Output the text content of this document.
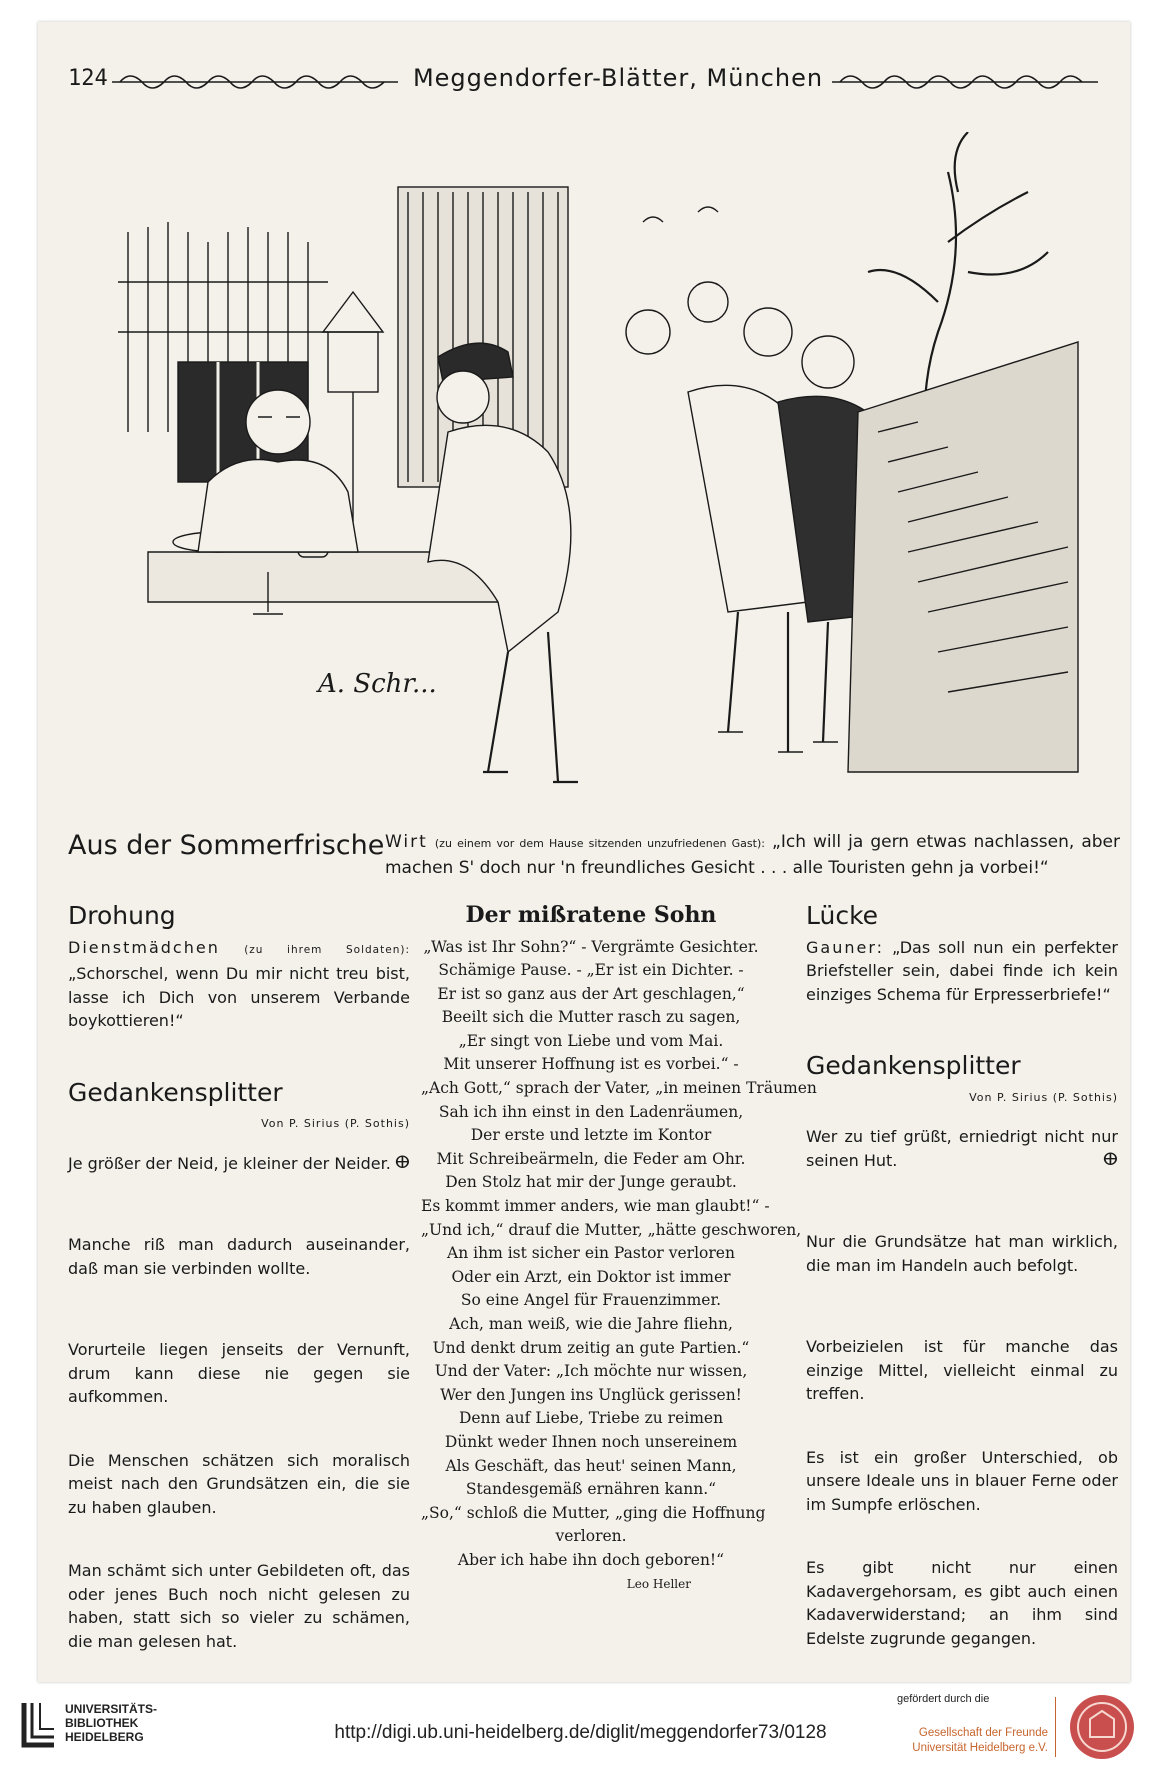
124	Meggendorfer-Blätter, München
A. Schr...
Aus der Sommerfrische Wirt (zu einem vor dem Hause sitzenden unzufriedenen Gast): „Ich will ja gern etwas nachlassen, aber machen S' doch nur 'n freundliches Gesicht . . . alle Touristen gehn ja vorbei!“
Drohung

Dienstmädchen (zu ihrem Soldaten): „Schorschel, wenn Du mir nicht treu bist, lasse ich Dich von unserem Verbande boykottieren!“

Gedankensplitter
Von P. Sirius (P. Sothis)

Je größer der Neid, je kleiner der Neider. ⴲ

Manche riß man dadurch auseinander, daß man sie verbinden wollte.

Vorurteile liegen jenseits der Vernunft, drum kann diese nie gegen sie aufkommen.

Die Menschen schätzen sich moralisch meist nach den Grundsätzen ein, die sie zu haben glauben.

Man schämt sich unter Gebildeten oft, das oder jenes Buch noch nicht gelesen zu haben, statt sich so vieler zu schämen, die man gelesen hat.

Der mißratene Sohn
„Was ist Ihr Sohn?“ - Vergrämte Gesichter.
Schämige Pause. - „Er ist ein Dichter. -
Er ist so ganz aus der Art geschlagen,“
Beeilt sich die Mutter rasch zu sagen,
„Er singt von Liebe und vom Mai.
Mit unserer Hoffnung ist es vorbei.“ -
„Ach Gott,“ sprach der Vater, „in meinen Träumen
Sah ich ihn einst in den Ladenräumen,
Der erste und letzte im Kontor
Mit Schreibeärmeln, die Feder am Ohr.
Den Stolz hat mir der Junge geraubt.
Es kommt immer anders, wie man glaubt!“ -
„Und ich,“ drauf die Mutter, „hätte geschworen,
An ihm ist sicher ein Pastor verloren
Oder ein Arzt, ein Doktor ist immer
So eine Angel für Frauenzimmer.
Ach, man weiß, wie die Jahre fliehn,
Und denkt drum zeitig an gute Partien.“
Und der Vater: „Ich möchte nur wissen,
Wer den Jungen ins Unglück gerissen!
Denn auf Liebe, Triebe zu reimen
Dünkt weder Ihnen noch unsereinem
Als Geschäft, das heut' seinen Mann,
Standesgemäß ernähren kann.“
„So,“ schloß die Mutter, „ging die Hoffnung
verloren.
Aber ich habe ihn doch geboren!“
Leo Heller
Lücke

Gauner: „Das soll nun ein perfekter Briefsteller sein, dabei finde ich kein einziges Schema für Erpresserbriefe!“

Gedankensplitter
Von P. Sirius (P. Sothis)

Wer zu tief grüßt, erniedrigt nicht nur seinen Hut.	ⴲ

Nur die Grundsätze hat man wirklich, die man im Handeln auch befolgt.

Vorbeizielen ist für manche das einzige Mittel, vielleicht einmal zu treffen.

Es ist ein großer Unterschied, ob unsere Ideale uns in blauer Ferne oder im Sumpfe erlöschen.

Es gibt nicht nur einen Kadavergehorsam, es gibt auch einen Kadaverwiderstand; an ihm sind Edelste zugrunde gegangen.

UNIVERSITÄTS-
BIBLIOTHEK
HEIDELBERG	http://digi.ub.uni-heidelberg.de/diglit/meggendorfer73/0128
gefördert durch die
Gesellschaft der Freunde
Universität Heidelberg e.V.
